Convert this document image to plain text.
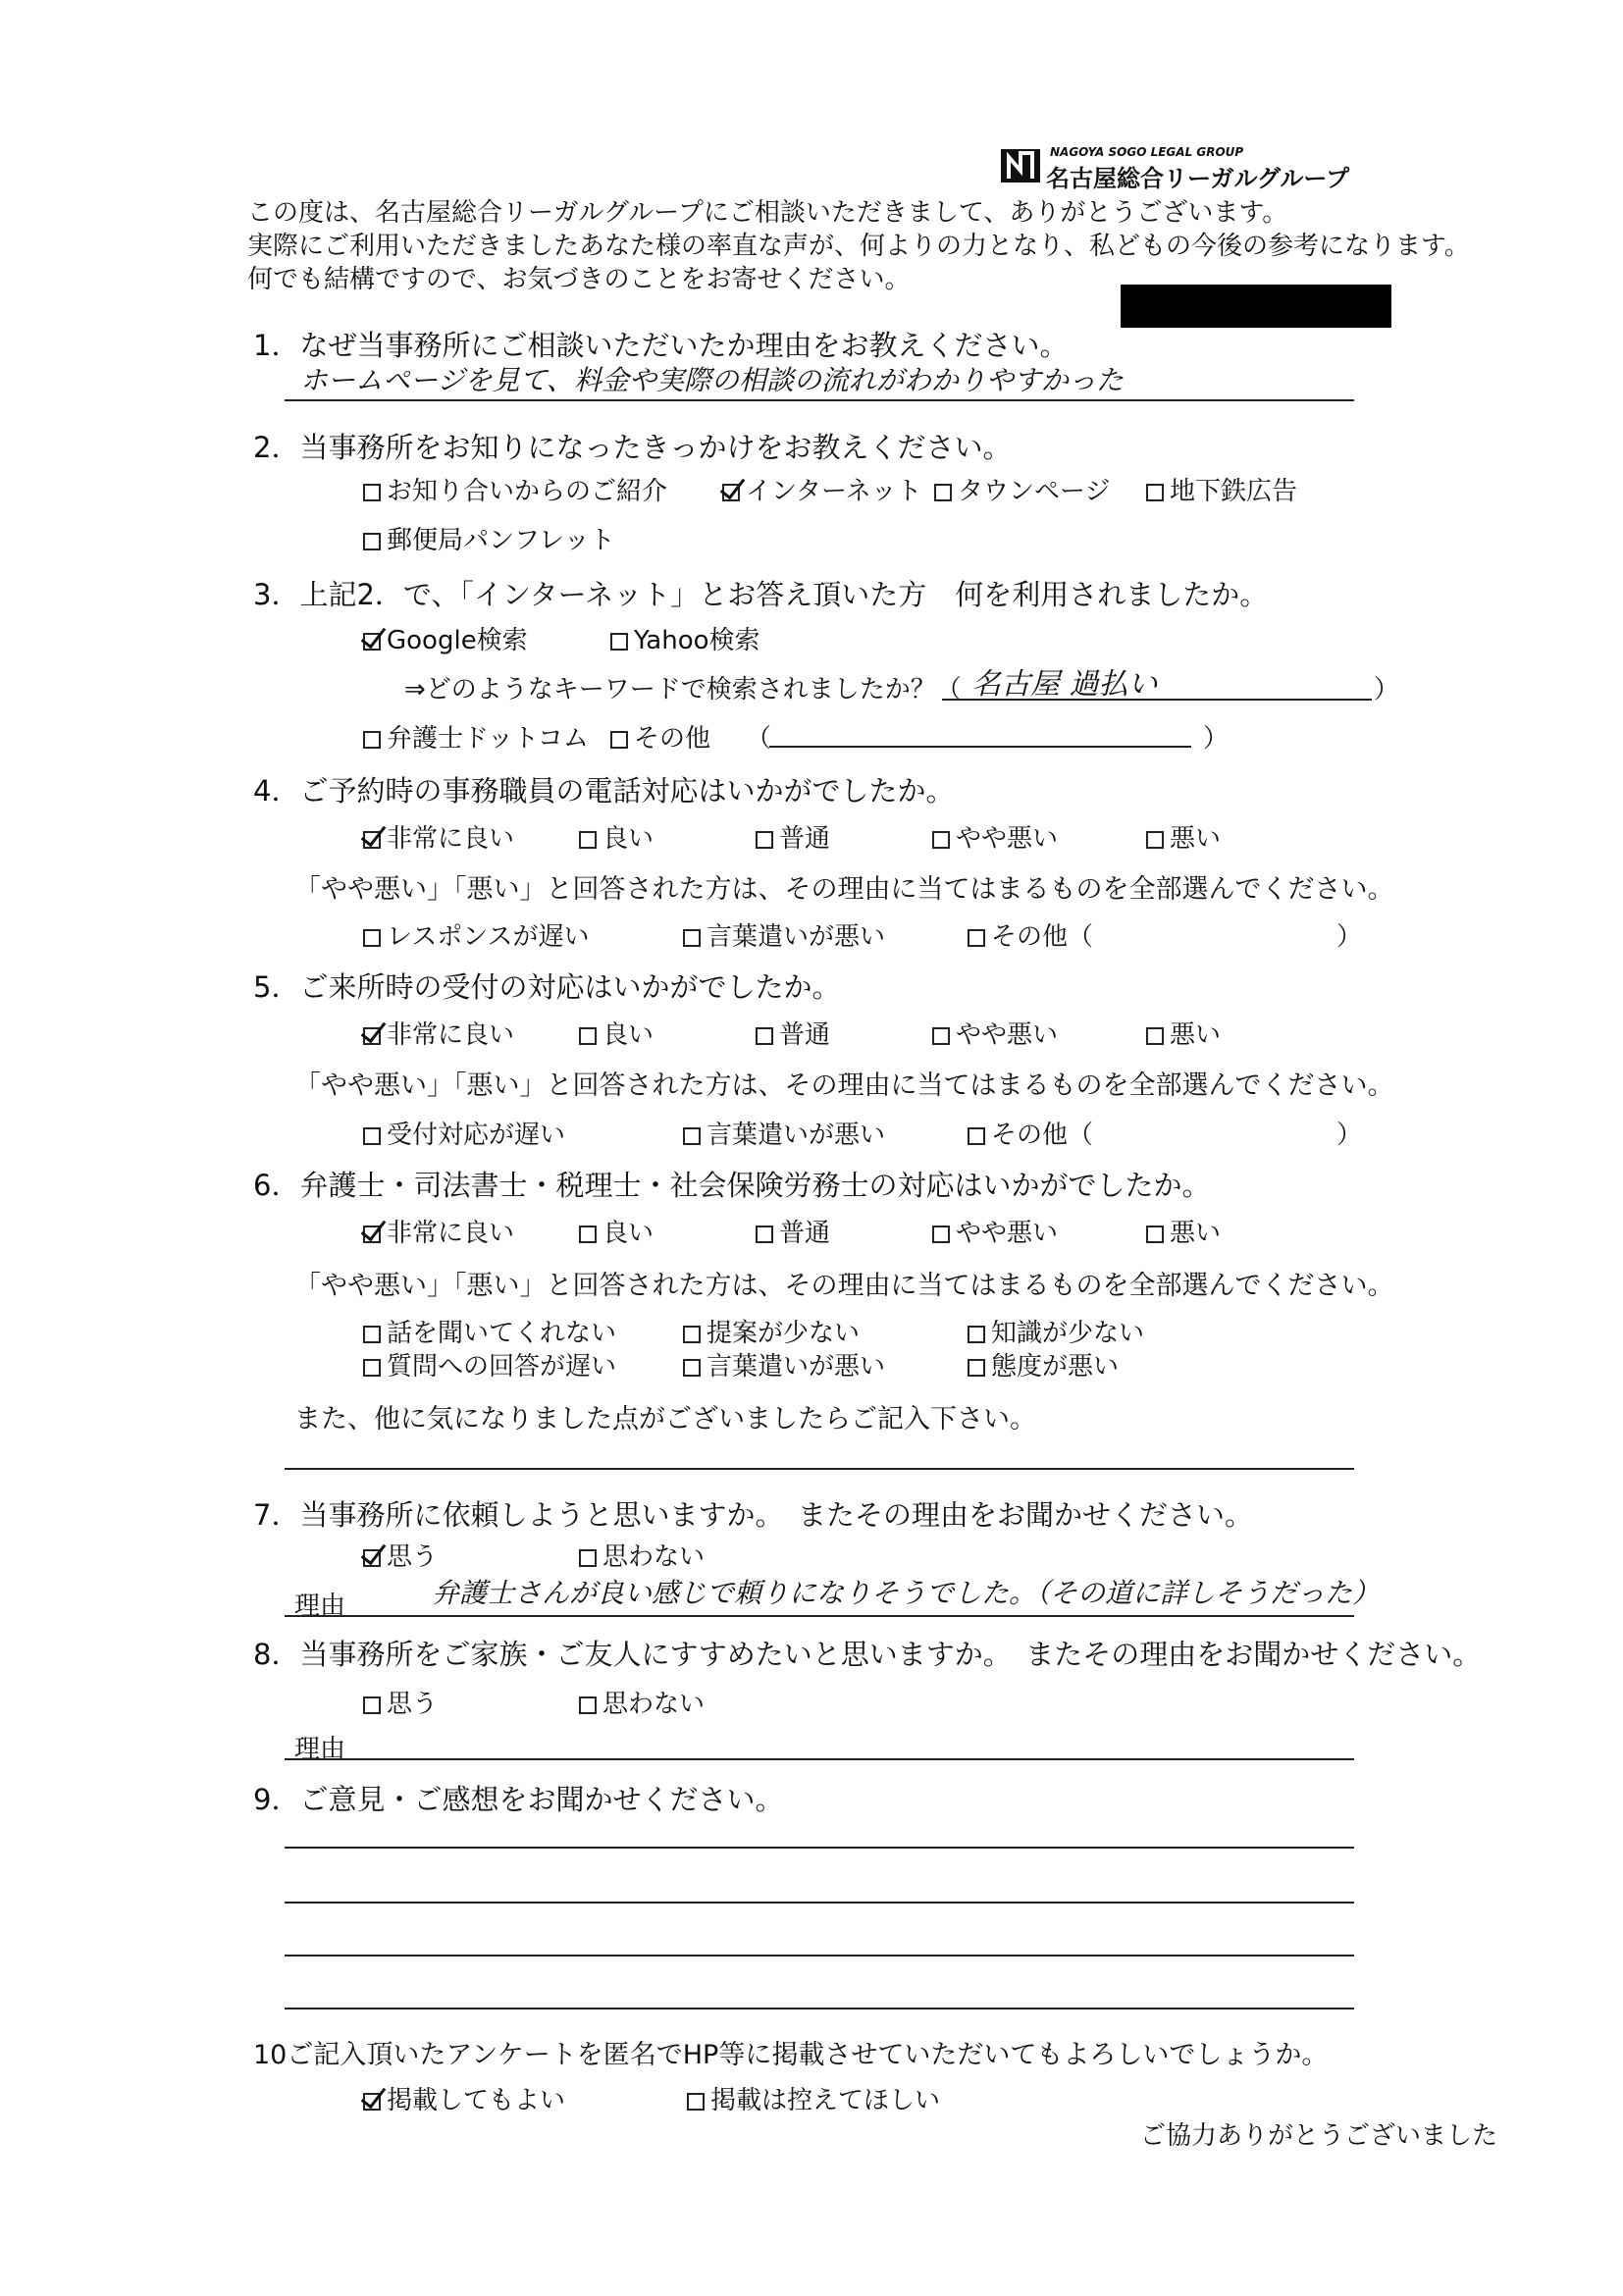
NAGOYA SOGO LEGAL GROUP
名古屋総合リーガルグループ
この度は、名古屋総合リーガルグループにご相談いただきまして、ありがとうございます。
実際にご利用いただきましたあなた様の率直な声が、何よりの力となり、私どもの今後の参考になります。
何でも結構ですので、お気づきのことをお寄せください。
1．なぜ当事務所にご相談いただいたか理由をお教えください。
ホームページを見て、料金や実際の相談の流れがわかりやすかった
2．当事務所をお知りになったきっかけをお教えください。
お知り合いからのご紹介	インターネット	タウンページ	地下鉄広告
郵便局パンフレット
3．上記2．で、「インターネット」とお答え頂いた方　何を利用されましたか。
Google検索	Yahoo検索
⇒どのようなキーワードで検索されましたか？（ 名古屋 過払い	）
弁護士ドットコム	その他 （	）
4．ご予約時の事務職員の電話対応はいかがでしたか。
非常に良い	良い	普通	やや悪い	悪い
「やや悪い」「悪い」と回答された方は、その理由に当てはまるものを全部選んでください。
レスポンスが遅い	言葉遣いが悪い	その他（	）
5．ご来所時の受付の対応はいかがでしたか。
非常に良い	良い	普通	やや悪い	悪い
「やや悪い」「悪い」と回答された方は、その理由に当てはまるものを全部選んでください。
受付対応が遅い	言葉遣いが悪い	その他（	）
6．弁護士・司法書士・税理士・社会保険労務士の対応はいかがでしたか。
非常に良い	良い	普通	やや悪い	悪い
「やや悪い」「悪い」と回答された方は、その理由に当てはまるものを全部選んでください。
話を聞いてくれない	提案が少ない	知識が少ない
質問への回答が遅い	言葉遣いが悪い	態度が悪い
また、他に気になりました点がございましたらご記入下さい。
7．当事務所に依頼しようと思いますか。　またその理由をお聞かせください。
思う	思わない
理由	弁護士さんが良い感じで頼りになりそうでした。（その道に詳しそうだった）
8．当事務所をご家族・ご友人にすすめたいと思いますか。　またその理由をお聞かせください。
思う	思わない
理由
9．ご意見・ご感想をお聞かせください。
10ご記入頂いたアンケートを匿名でHP等に掲載させていただいてもよろしいでしょうか。
掲載してもよい	掲載は控えてほしい
ご協力ありがとうございました
